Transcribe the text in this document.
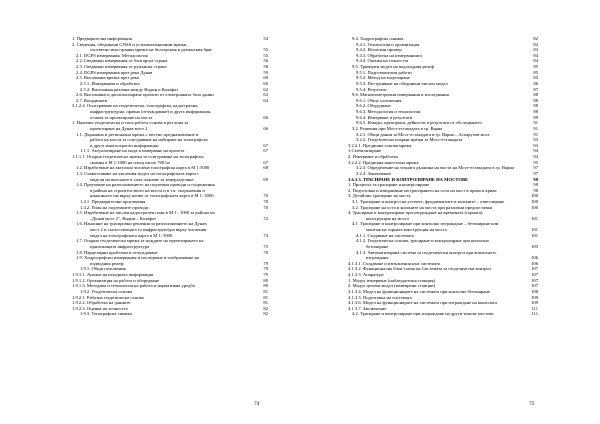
1. Предварителна информация	54
2. Сведения, обединени GNSS и устновлизационни мрежи,
съответно иностранни мрежи на българския и румънския бряг	55
2.1. DGPS измервания. Методология	55
2.2. Сведващи измервания от българска страна	56
2.3. Сведващи измервания от румънска страна	58
2.4. DGPS измервания през река Дунав	59
2.5. Височинна връзка през река	60
2.5.1. Измервания и обработка	60
2.5.2. Височинна разлика между Видин и Калафат	62
2.6. Височинни и дигитализиране проекти от електронната база данни	63
2.7. Координати	64
3.1.2.4. Осигуряване на геодезическа, топографска, кадастрална,
инфраструктурна, правна (отчуждаване) и друга информация,
основа за проектиране на моста	66
1. Наличие геодезическа и топо работа основа в рез кона за
проектиране на Дунав мост 2	66
1.1. Държавна и регионална мрежа с местно предназначение и
работа на моста за осигуряване на набиране на топографска
и друга многоотрасли информации	67
1.1.1. Актуализиране на мода и измерване на пролета	67
1.1.1.1. Опорна геодезическа мрежа за осигуряване на топографска
снимка в М 1:1000 на площ около 700 ha	67
1.2. Изработване на актуална числена топографска карта в М 1:5000	68
1.3. Съвместяване на числения модел на топографската карта с
модели на вносните в сила планове за земеразделяне	69
1.4. Проучване на разположението на подземни проводи и съоръжения
в района на строителството на моста и в т.ч. съоръжения и
нанасяното им върху копие от топографската карта в М 1: 5000	70
1.4.1. Предварителни проучвания	70
1.4.2. План на подземните проводи	70
1.5. Изработване на числен кадастрален план в М 1 : 1000 за района на
„Дунав мост 2", Видин – Калафат	72
1.6. Нанасяне на трасировки решения за разположението на Дунав
мост 2 и съпътстващата го инфраструктура върху числения
модел на топографската карта в М 1: 5000	74
1.7. Опорно геодезическа мрежа за нуждите на проектирането на
прилежащата инфраструктура	75
1.8. Парцеларни проблеми и отчуждаване	78
1.9. Хидрографски измервания и изследване и изобразяване на
подводния релеф	79
1.9.1. Общи положения	79
1.9.1.1. Анализ на изходната информация	79
1.9.1.2. Организация на работа и оборудване	80
1.9.1.3. Методика и технология на работа и нормативна уредба	80
1.9.2. Геодезическа основа	81
1.9.2.1. Работна геодезическа основа	81
1.9.2.2. Обработка на данните	81
1.9.2.3. Оценка на точността	82
1.9.3. Топографска снимка	82
9.4. Хидрографска снимка	82
9.4.1. Технология и организация	82
9.4.2. Изолотни промер	83
9.4.3. Обработка на измерванията	84
9.4.4. Оценка на точността	84
9.5. Тримерен модел на водоходния релеф	85
9.5.1. Подготвителни работи	85
9.5.2. Метод на моделиране	85
9.5.3. Построяване на обединени числен модел	86
9.5.4. Резултати	87
9.6. Магнитометрични измервания и изследвания	88
9.6.1. Общо положения	88
9.6.2. Оборудване	88
9.6.3. Методология и технология	88
9.6.4. Измерване и резултати	89
9.6.5. Изводи, препоръки, дейности и резултати от обследването	91
3.2. Решения при Мост-естакадата в гр. Варна	91
3.2.1. Общи данни за Мост-естакадата в гр. Варна – Аспарухов мост	91
3.2.2. Геодезически опорни мрежи за Мост-естакадата	93
3.2.2.1. Предишна основа мрежа	93
1.Стабилизиране	94
2. Измерване и обработка	94
3.2.2.2. Предишна наносочна мрежа	95
3.2.3. Определение на точната дължина на моста на Мост-естакадата в гр. Варна	97
3.2.4. Заключение	97
3.6.3.3. ТРАСИРАНЕ И КОНТРОЛИРАНЕ НА МОСТОВЕ	98
1. Процесът за трасиране и контролиране	98
2. Подготовка и извършване на трасирането на оста на мост в права и крива	98
3. Детайлно трасиране на моста	100
3.1. Трасиране и контрол на устоите, фундаментите и колоните – отвеспиране	100
3.2. Трасиране на оста и колоните на моста при различни предпоставки	100
4. Трасиране и контролиране при изграждане на времената (горната)
конструкция на моста	101
4.1. Трасиране и контролиране при конзолно изграждане – бетониране или
монтаж на горната конструкция на моста	101
4.1.1. Създаване на системата	101
4.1.2. Геодезическа основа, трасиране и контролиране при конзолно
бетониране	103
4.1.3. Автоматизирана система за геодезически контрол при конзолното
изграждане	106
4.1.3.1. Създаване и изпълнения към системата	106
4.1.3.2. Функционална блок-схема на Системата за геодезически контрол	107
4.1.3.3. Апаратура	107
1. Модул измерване (наблюдателна станция)	107
2. Модул целеви модул (маневрени станции)	107
4.1.3.4. Модел на функционирате на системата при конзолно бетониране	108
4.1.3.5. Подготовка на системата	109
4.1.3.6. Модел на функционирате на системата при изграждане на конзолата	109
4.1.3.7. Заключение	111
4.2. Трасиране и контролиране при изграждане на други типове мостове	111
74	75
